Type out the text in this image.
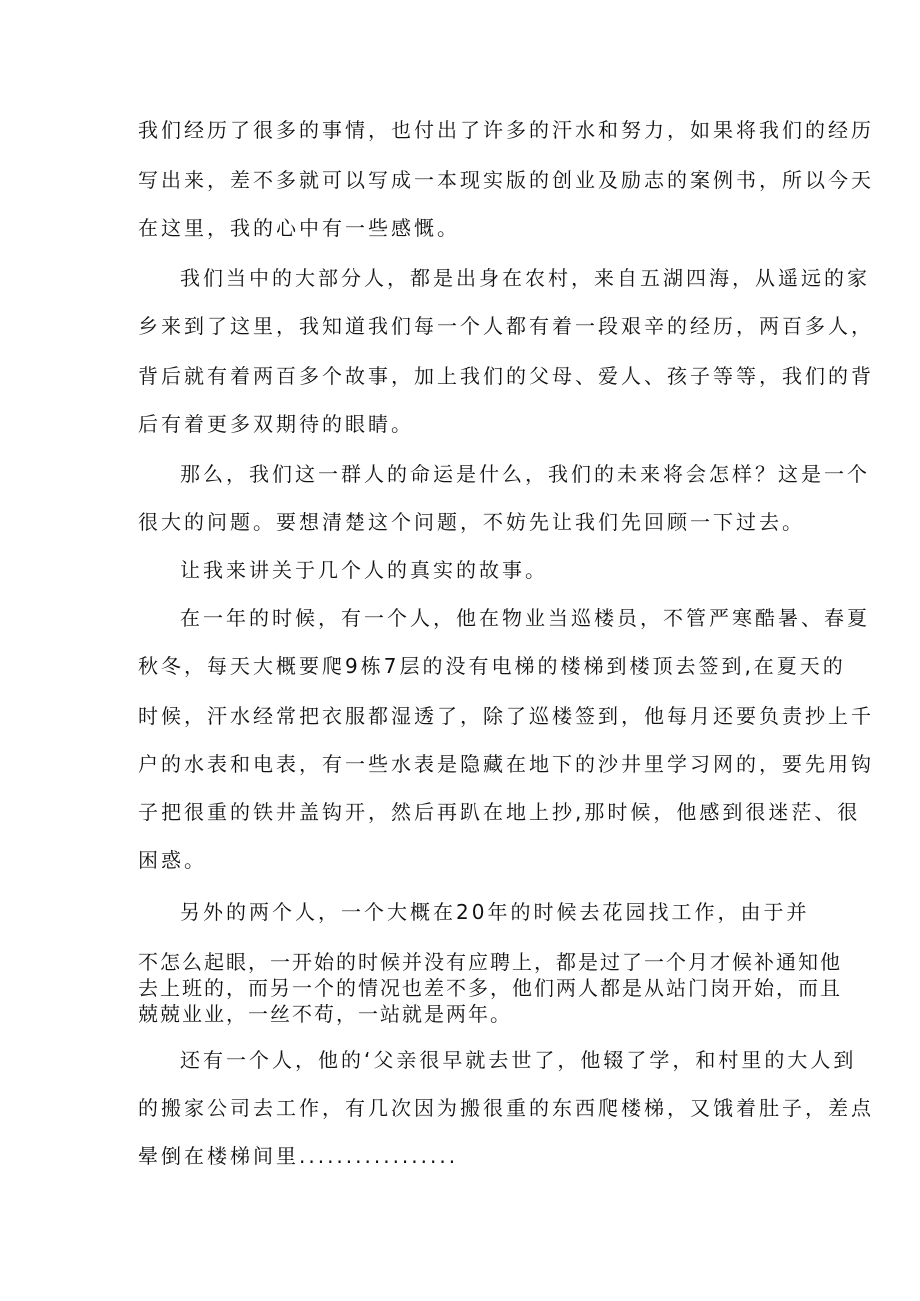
我们经历了很多的事情，也付出了许多的汗水和努力，如果将我们的经历
写出来，差不多就可以写成一本现实版的创业及励志的案例书，所以今天
在这里，我的心中有一些感慨。
我们当中的大部分人，都是出身在农村，来自五湖四海，从遥远的家
乡来到了这里，我知道我们每一个人都有着一段艰辛的经历，两百多人，
背后就有着两百多个故事，加上我们的父母、爱人、孩子等等，我们的背
后有着更多双期待的眼睛。
那么，我们这一群人的命运是什么，我们的未来将会怎样？这是一个
很大的问题。要想清楚这个问题，不妨先让我们先回顾一下过去。
让我来讲关于几个人的真实的故事。
在一年的时候，有一个人，他在物业当巡楼员，不管严寒酷暑、春夏
秋冬，每天大概要爬9栋7层的没有电梯的楼梯到楼顶去签到,在夏天的
时候，汗水经常把衣服都湿透了，除了巡楼签到，他每月还要负责抄上千
户的水表和电表，有一些水表是隐藏在地下的沙井里学习网的，要先用钩
子把很重的铁井盖钩开，然后再趴在地上抄,那时候，他感到很迷茫、很
困惑。
另外的两个人，一个大概在20年的时候去花园找工作，由于并
不怎么起眼，一开始的时候并没有应聘上，都是过了一个月才候补通知他
去上班的，而另一个的情况也差不多，他们两人都是从站门岗开始，而且
兢兢业业，一丝不苟，一站就是两年。
还有一个人，他的‘父亲很早就去世了，他辍了学，和村里的大人到
的搬家公司去工作，有几次因为搬很重的东西爬楼梯，又饿着肚子，差点
晕倒在楼梯间里.................
